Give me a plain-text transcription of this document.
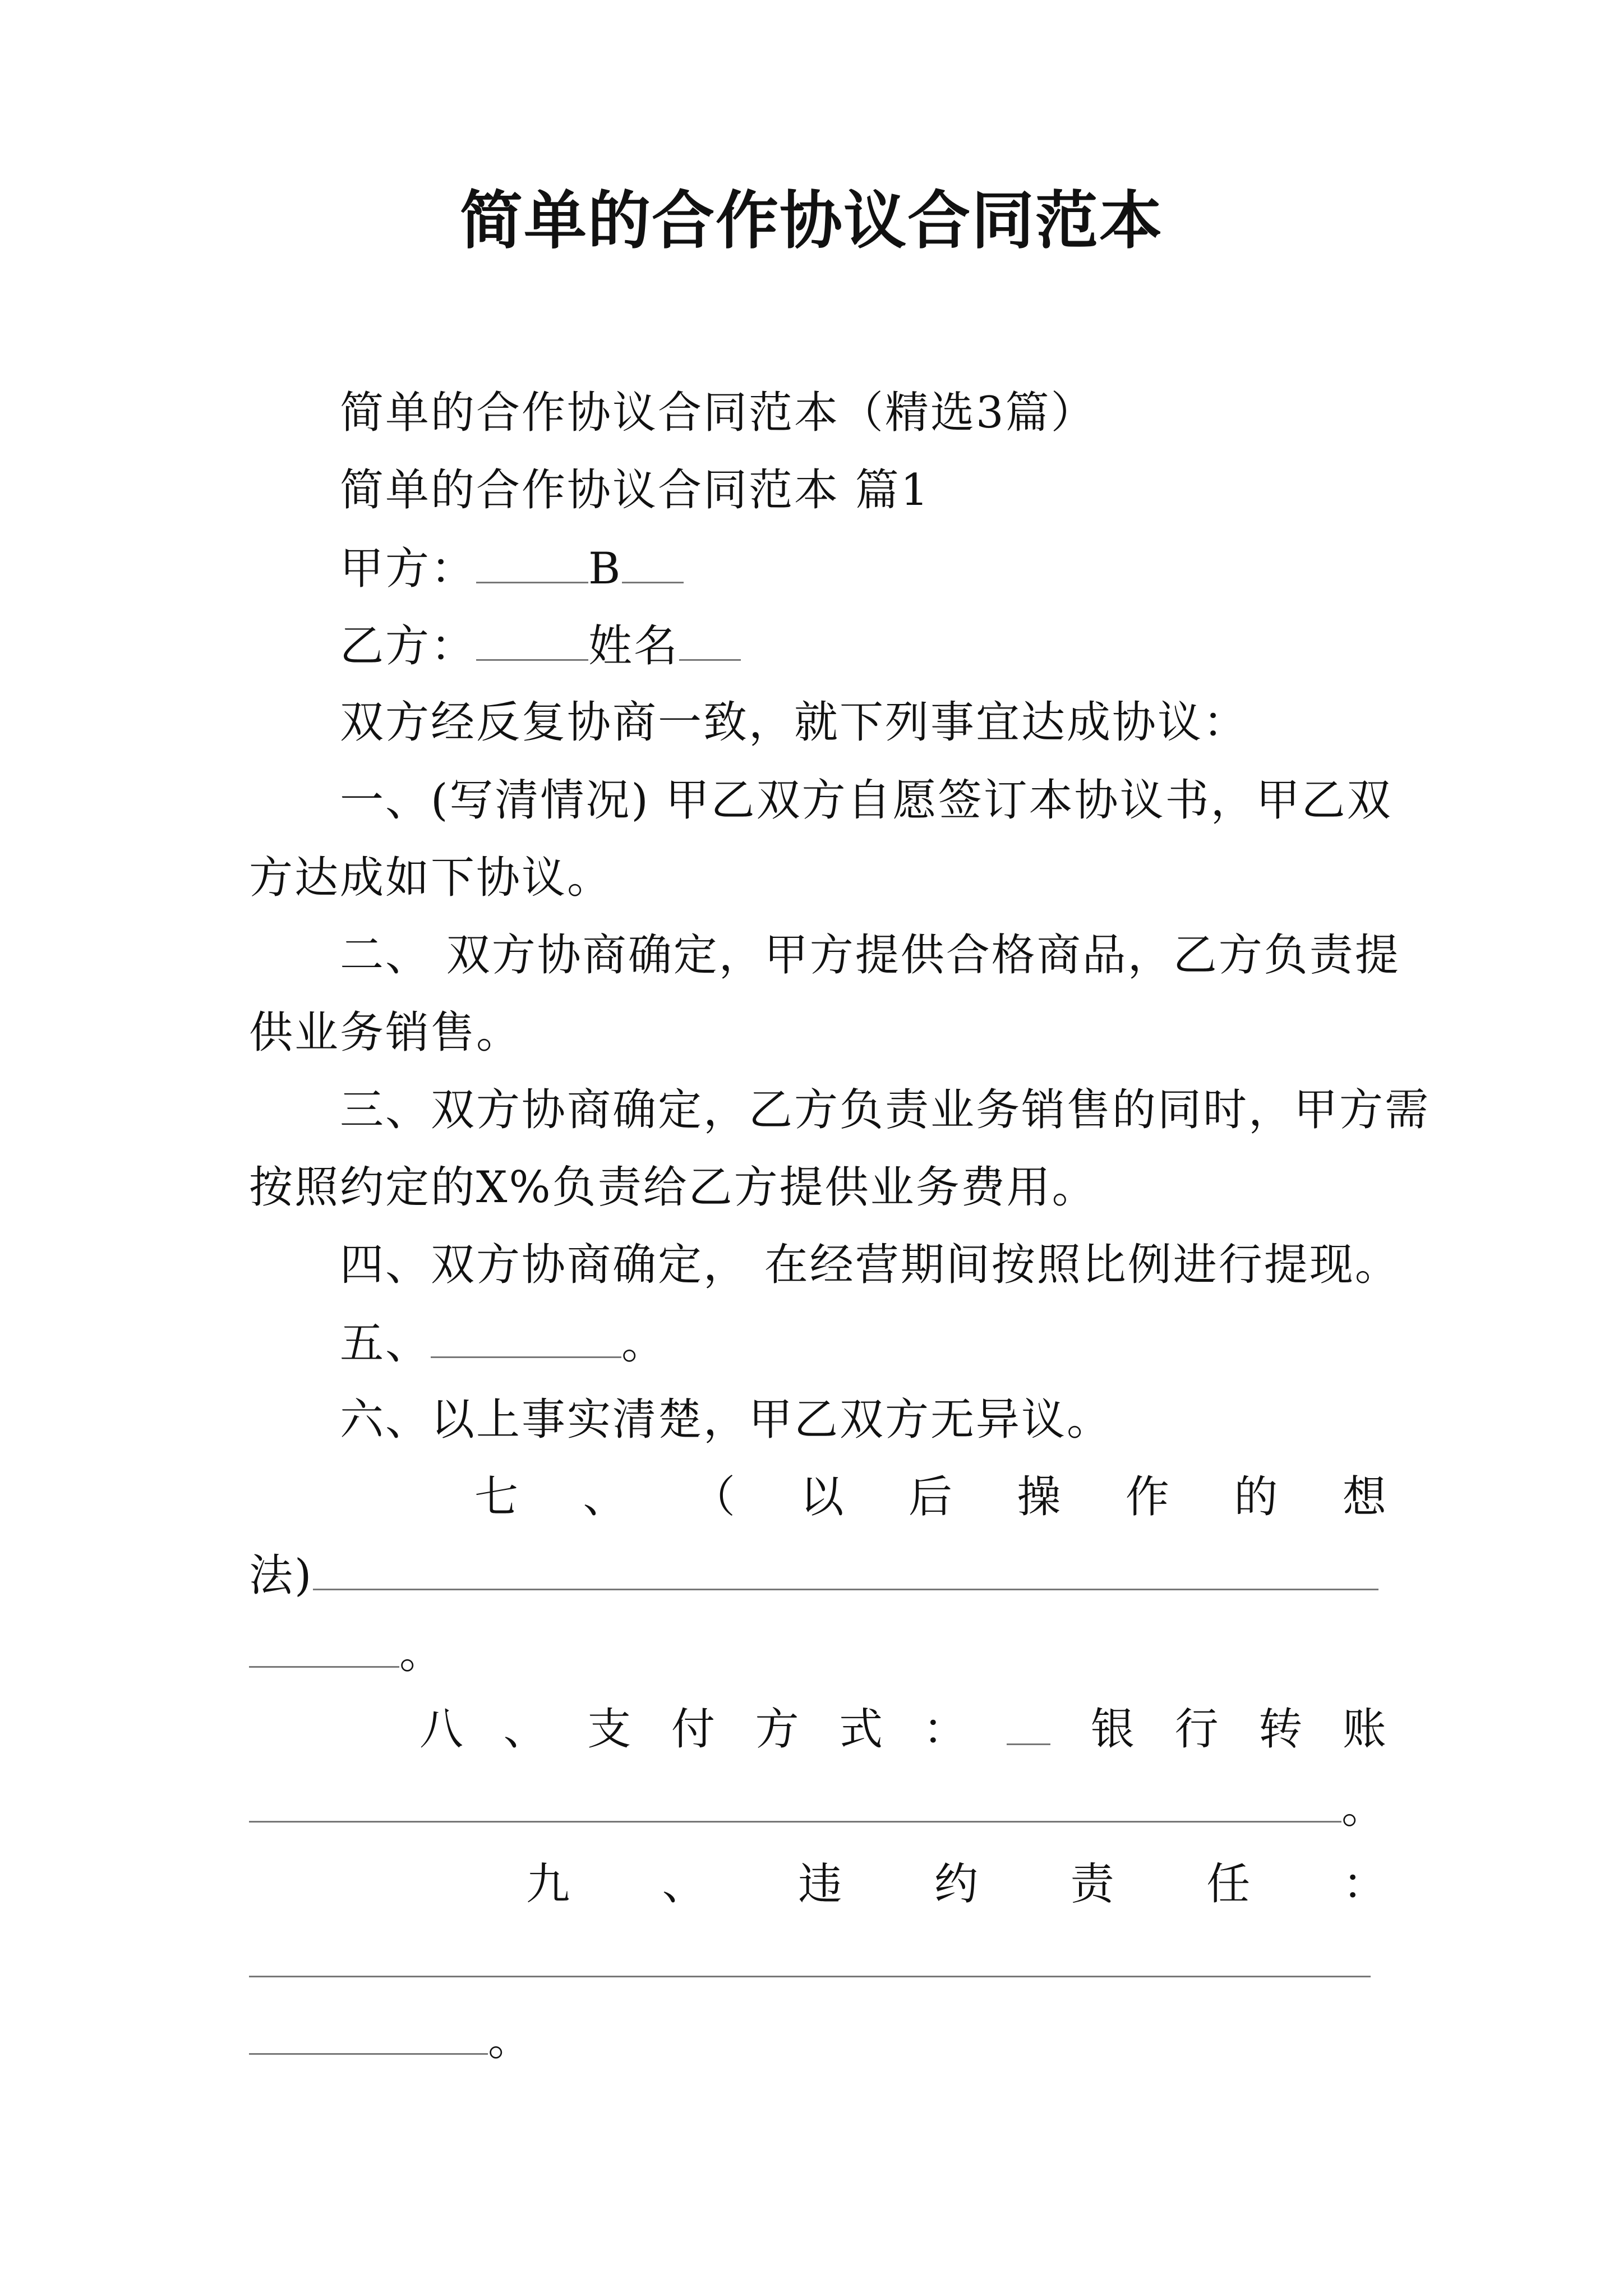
简单的合作协议合同范本
简单的合作协议合同范本（精选3篇）
简单的合作协议合同范本 篇1
甲方：	B
乙方：	姓名
双方经反复协商一致，就下列事宜达成协议：
一、(写清情况) 甲乙双方自愿签订本协议书，甲乙双
方达成如下协议。
二、 双方协商确定，甲方提供合格商品，乙方负责提
供业务销售。
三、双方协商确定，乙方负责业务销售的同时，甲方需
按照约定的X%负责给乙方提供业务费用。
四、双方协商确定， 在经营期间按照比例进行提现。
五、	。
六、以上事实清楚，甲乙双方无异议。
七 、 （ 以 后 操 作 的 想
法)
。
八 、 支 付 方 式 ：	银 行 转 账
。
九 、 违 约 责 任 ：
。
